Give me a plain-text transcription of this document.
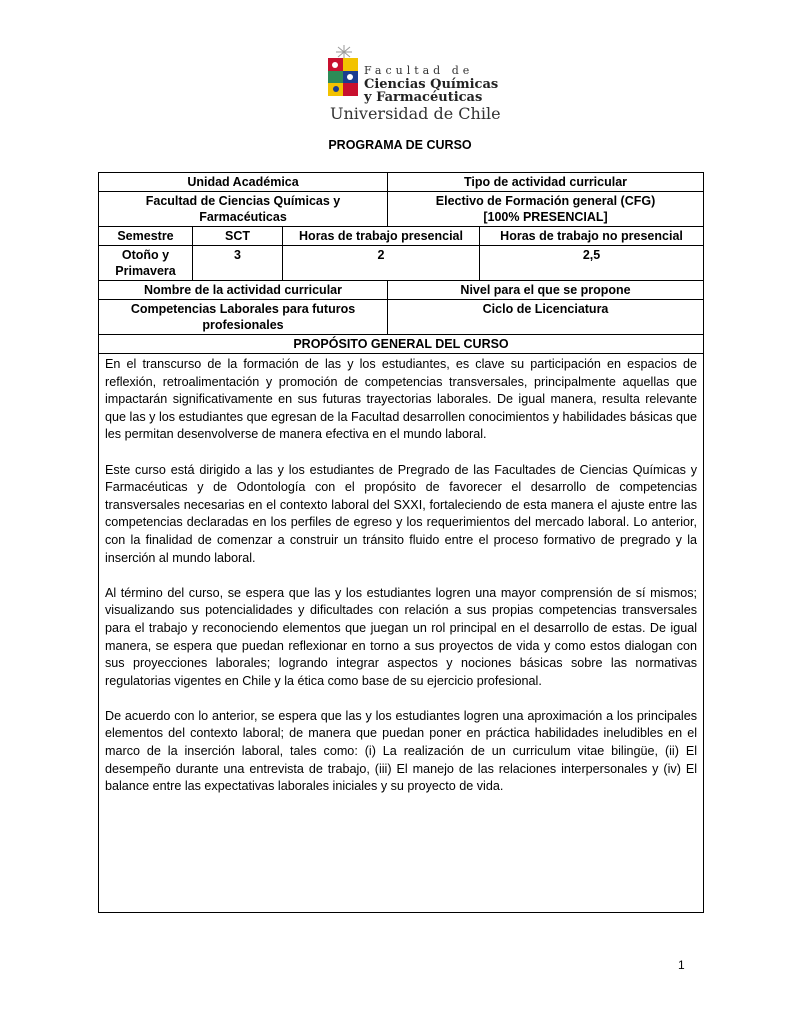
Facultad de
Ciencias Químicas
y Farmacéuticas
Universidad de Chile
PROGRAMA DE CURSO
Unidad Académica			Tipo de actividad curricular	
Facultad de Ciencias Químicas y Farmacéuticas			Electivo de Formación general (CFG)
[100% PRESENCIAL]	

Semestre	SCT	Horas de trabajo presencial		Horas de trabajo no presencial
Otoño y Primavera	3	2		2,5
Nombre de la actividad curricular			Nivel para el que se propone	
Competencias Laborales para futuros profesionales			Ciclo de Licenciatura	
PROPÓSITO GENERAL DEL CURSO				

En el transcurso de la formación de las y los estudiantes, es clave su participación en espacios de reflexión, retroalimentación y promoción de competencias transversales, principalmente aquellas que impactarán significativamente en sus futuras trayectorias laborales. De igual manera, resulta relevante que las y los estudiantes que egresan de la Facultad desarrollen conocimientos y habilidades básicas que les permitan desenvolverse de manera efectiva en el mundo laboral.

Este curso está dirigido a las y los estudiantes de Pregrado de las Facultades de Ciencias Químicas y Farmacéuticas y de Odontología con el propósito de favorecer el desarrollo de competencias transversales necesarias en el contexto laboral del SXXI, fortaleciendo de esta manera el ajuste entre las competencias declaradas en los perfiles de egreso y los requerimientos del mercado laboral. Lo anterior, con la finalidad de comenzar a construir un tránsito fluido entre el proceso formativo de pregrado y la inserción al mundo laboral.

Al término del curso, se espera que las y los estudiantes logren una mayor comprensión de sí mismos; visualizando sus potencialidades y dificultades con relación a sus propias competencias transversales para el trabajo y reconociendo elementos que juegan un rol principal en el desarrollo de estas. De igual manera, se espera que puedan reflexionar en torno a sus proyectos de vida y como estos dialogan con sus proyecciones laborales; logrando integrar aspectos y nociones básicas sobre las normativas regulatorias vigentes en Chile y la ética como base de su ejercicio profesional.

De acuerdo con lo anterior, se espera que las y los estudiantes logren una aproximación a los principales elementos del contexto laboral; de manera que puedan poner en práctica habilidades ineludibles en el marco de la inserción laboral, tales como: (i) La realización de un curriculum vitae bilingüe, (ii) El desempeño durante una entrevista de trabajo, (iii) El manejo de las relaciones interpersonales y (iv) El balance entre las expectativas laborales iniciales y su proyecto de vida.				

1
